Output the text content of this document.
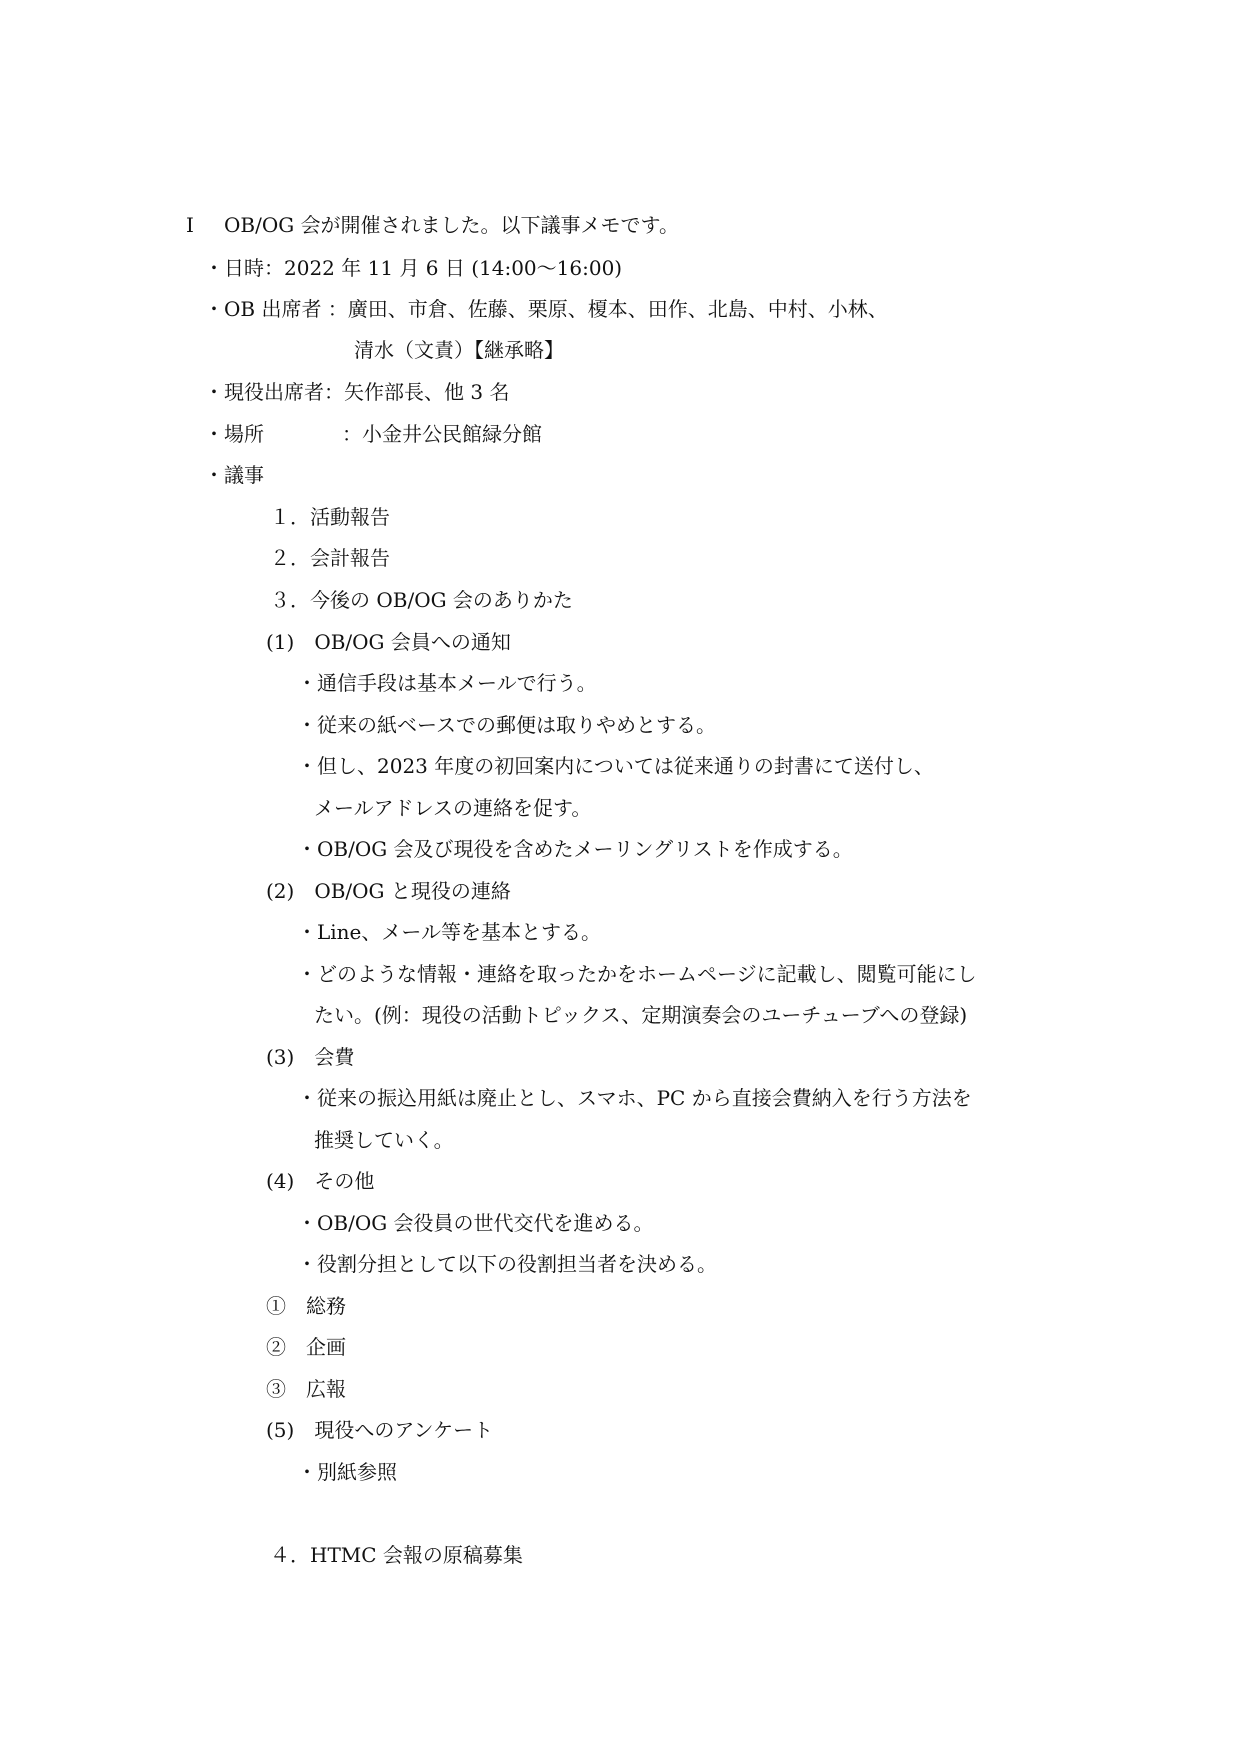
I OB/OG 会が開催されました。以下議事メモです。
・日時：2022 年 11 月 6 日 (14:00～16:00)
・OB 出席者 ：廣田、市倉、佐藤、栗原、榎本、田作、北島、中村、小林、
清水（文責）【継承略】
・現役出席者：矢作部長、他 3 名
・場所	：小金井公民館緑分館
・議事
１．活動報告
２．会計報告
３．今後の OB/OG 会のありかた
(1)　OB/OG 会員への通知
・通信手段は基本メールで行う。
・従来の紙ベースでの郵便は取りやめとする。
・但し、2023 年度の初回案内については従来通りの封書にて送付し、
メールアドレスの連絡を促す。
・OB/OG 会及び現役を含めたメーリングリストを作成する。
(2)　OB/OG と現役の連絡
・Line、メール等を基本とする。
・どのような情報・連絡を取ったかをホームページに記載し、閲覧可能にし
たい。(例：現役の活動トピックス、定期演奏会のユーチューブへの登録)
(3)　会費
・従来の振込用紙は廃止とし、スマホ、PC から直接会費納入を行う方法を
推奨していく。
(4)　その他
・OB/OG 会役員の世代交代を進める。
・役割分担として以下の役割担当者を決める。
①　総務
②　企画
③　広報
(5)　現役へのアンケート
・別紙参照
４．HTMC 会報の原稿募集
